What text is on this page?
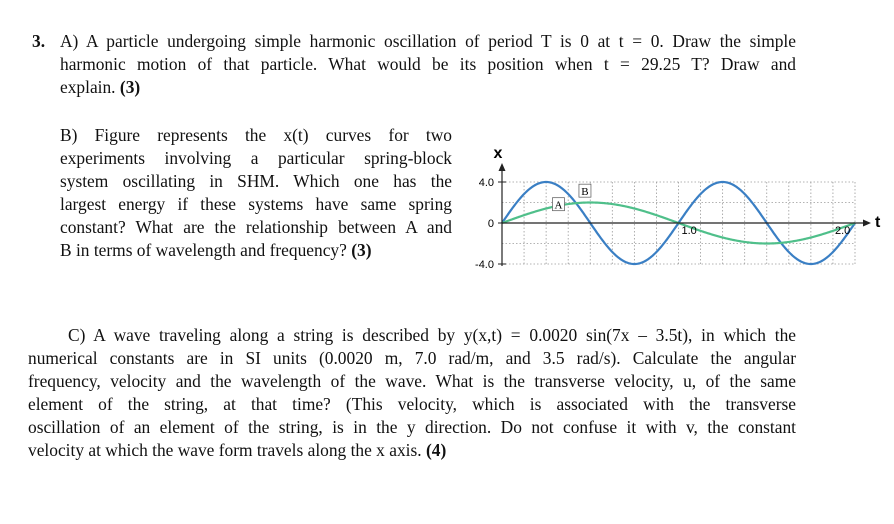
3. A) A particle undergoing simple harmonic oscillation of period T is 0 at t = 0. Draw the simple
harmonic motion of that particle. What would be its position when t = 29.25 T? Draw and
explain. (3)
B) Figure represents the x(t) curves for two
experiments involving a particular spring-block
system oscillating in SHM. Which one has the
largest energy if these systems have same spring
constant? What are the relationship between A and
B in terms of wavelength and frequency? (3)
x
t
4.0
0
-4.0
1.0	2.0
A
B
C) A wave traveling along a string is described by y(x,t) = 0.0020 sin(7x – 3.5t), in which the
numerical constants are in SI units (0.0020 m, 7.0 rad/m, and 3.5 rad/s). Calculate the angular
frequency, velocity and the wavelength of the wave. What is the transverse velocity, u, of the same
element of the string, at that time? (This velocity, which is associated with the transverse
oscillation of an element of the string, is in the y direction. Do not confuse it with v, the constant
velocity at which the wave form travels along the x axis. (4)
